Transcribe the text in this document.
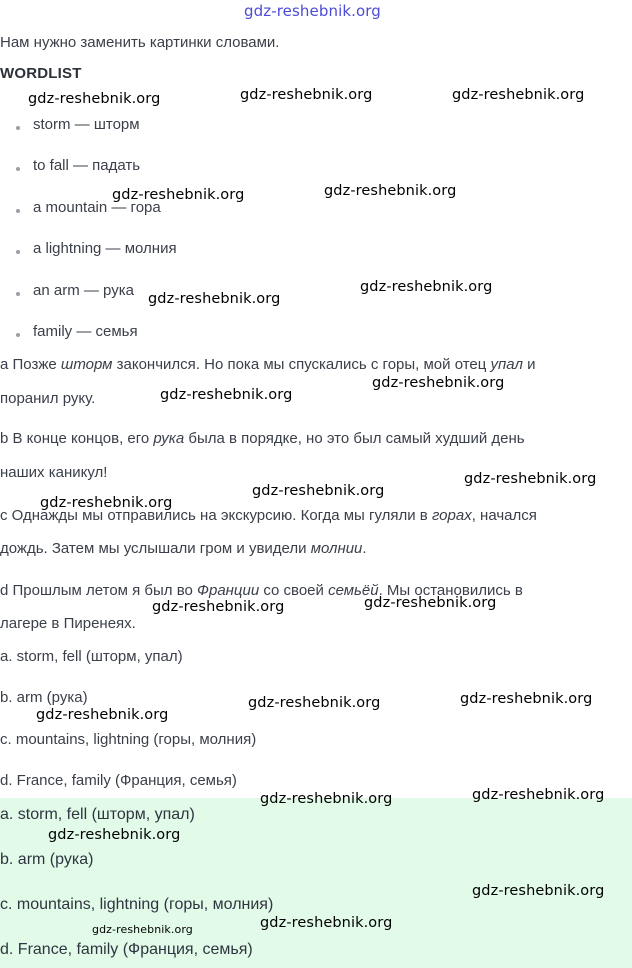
Нам нужно заменить картинки словами.
WORDLIST
storm — шторм
to fall — падать
a mountain — гора
a lightning — молния
an arm — рука
family — семья
a Позже шторм закончился. Но пока мы спускались с горы, мой отец упал и
поранил руку.
b В конце концов, его рука была в порядке, но это был самый худший день
наших каникул!
c Однажды мы отправились на экскурсию. Когда мы гуляли в горах, начался
дождь. Затем мы услышали гром и увидели молнии.
d Прошлым летом я был во Франции со своей семьёй. Мы остановились в
лагере в Пиренеях.
a. storm, fell (шторм, упал)
b. arm (рука)
c. mountains, lightning (горы, молния)
d. France, family (Франция, семья)
a. storm, fell (шторм, упал)
b. arm (рука)
c. mountains, lightning (горы, молния)
d. France, family (Франция, семья)
gdz-reshebnik.org
gdz-reshebnik.org	gdz-reshebnik.org	gdz-reshebnik.org
gdz-reshebnik.org	gdz-reshebnik.org
gdz-reshebnik.org
gdz-reshebnik.org
gdz-reshebnik.org
gdz-reshebnik.org
gdz-reshebnik.org
gdz-reshebnik.org
gdz-reshebnik.org
gdz-reshebnik.org	gdz-reshebnik.org
gdz-reshebnik.org
gdz-reshebnik.org	gdz-reshebnik.org
gdz-reshebnik.org	gdz-reshebnik.org
gdz-reshebnik.org
gdz-reshebnik.org
gdz-reshebnik.org	gdz-reshebnik.org
